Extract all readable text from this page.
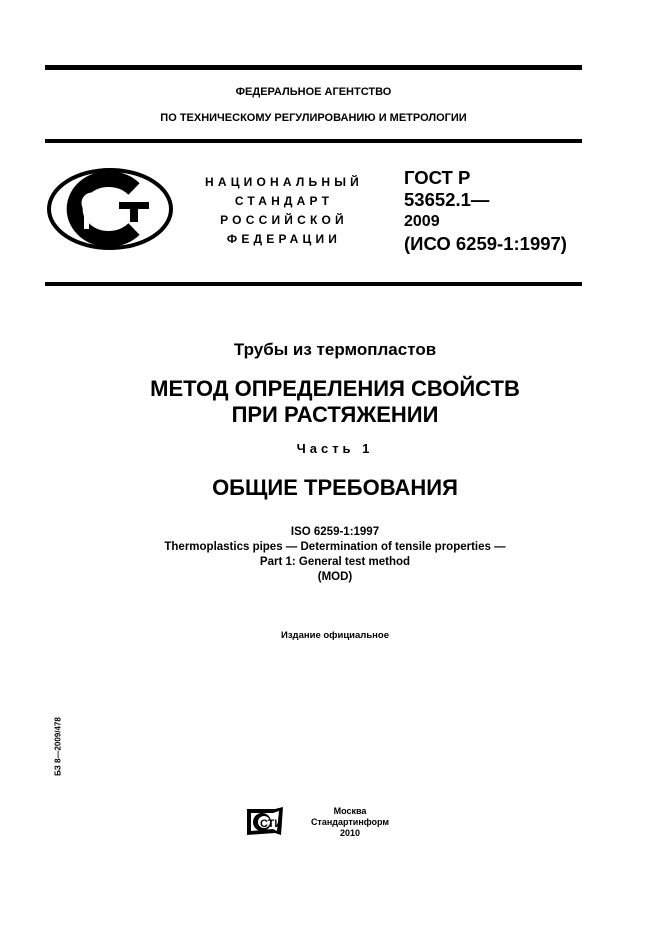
ФЕДЕРАЛЬНОЕ АГЕНТСТВО
ПО ТЕХНИЧЕСКОМУ РЕГУЛИРОВАНИЮ И МЕТРОЛОГИИ
НАЦИОНАЛЬНЫЙ
СТАНДАРТ
РОССИЙСКОЙ
ФЕДЕРАЦИИ
ГОСТ Р
53652.1—
2009
(ИСО 6259-1:1997)
Трубы из термопластов
МЕТОД ОПРЕДЕЛЕНИЯ СВОЙСТВ
ПРИ РАСТЯЖЕНИИ
Часть 1
ОБЩИЕ ТРЕБОВАНИЯ
ISO 6259-1:1997
Thermoplastics pipes — Determination of tensile properties —
Part 1: General test method
(MOD)
Издание официальное
БЗ 8—2009/478
СТИ
Москва
Стандартинформ
2010
